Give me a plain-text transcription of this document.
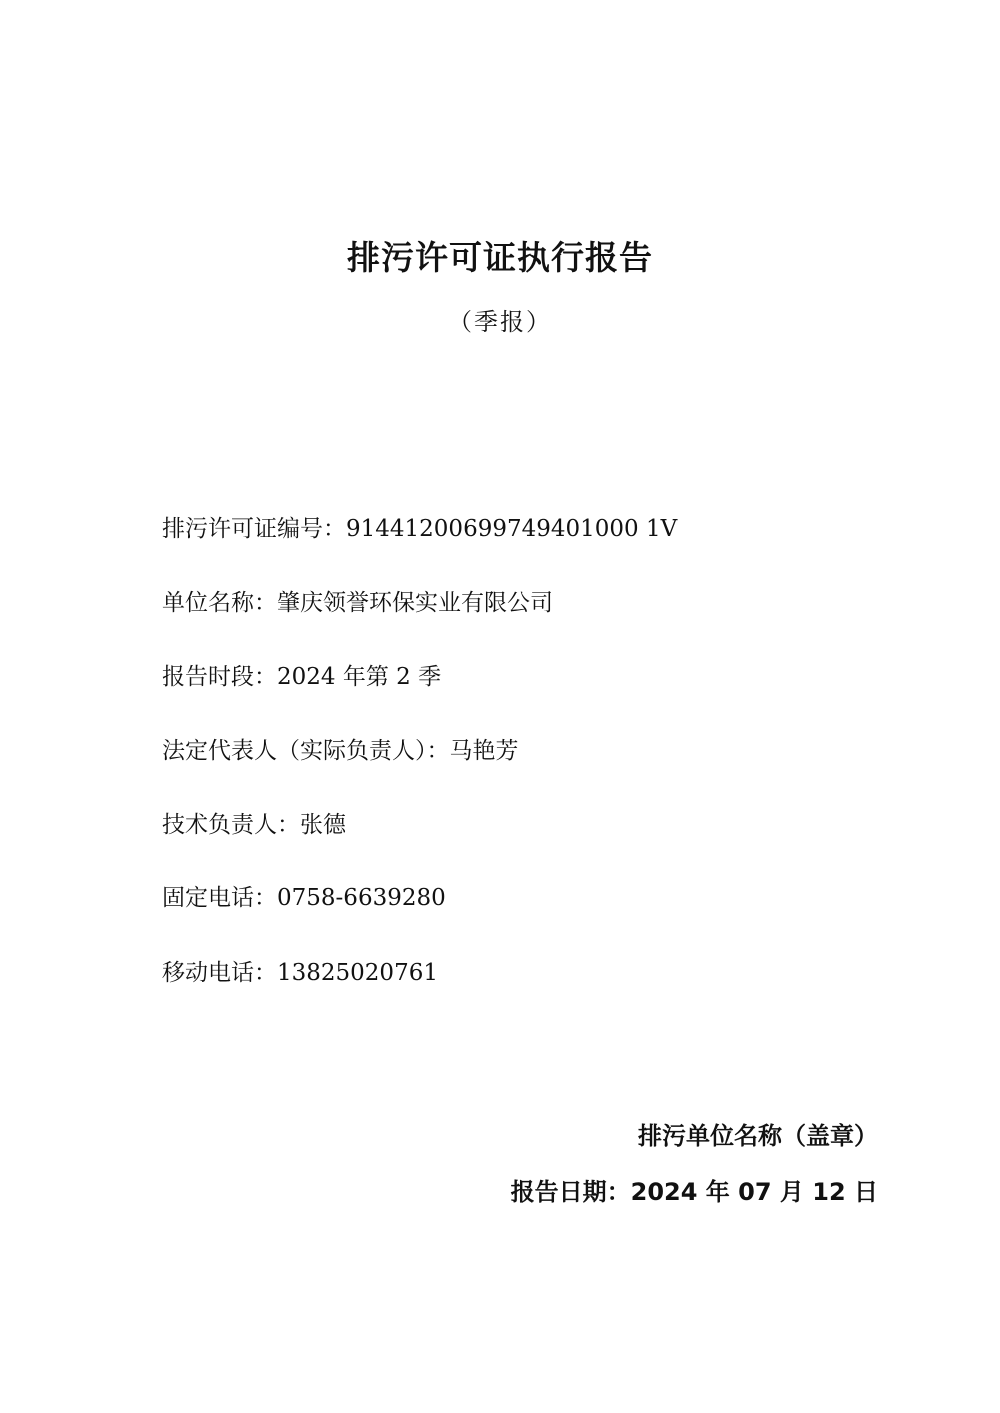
排污许可证执行报告
（季报）
排污许可证编号：91441200699749401000 1V
单位名称：肇庆领誉环保实业有限公司
报告时段：2024 年第 2 季
法定代表人（实际负责人）：马艳芳
技术负责人：张德
固定电话：0758-6639280
移动电话：13825020761
排污单位名称（盖章）
报告日期：2024 年 07 月 12 日
